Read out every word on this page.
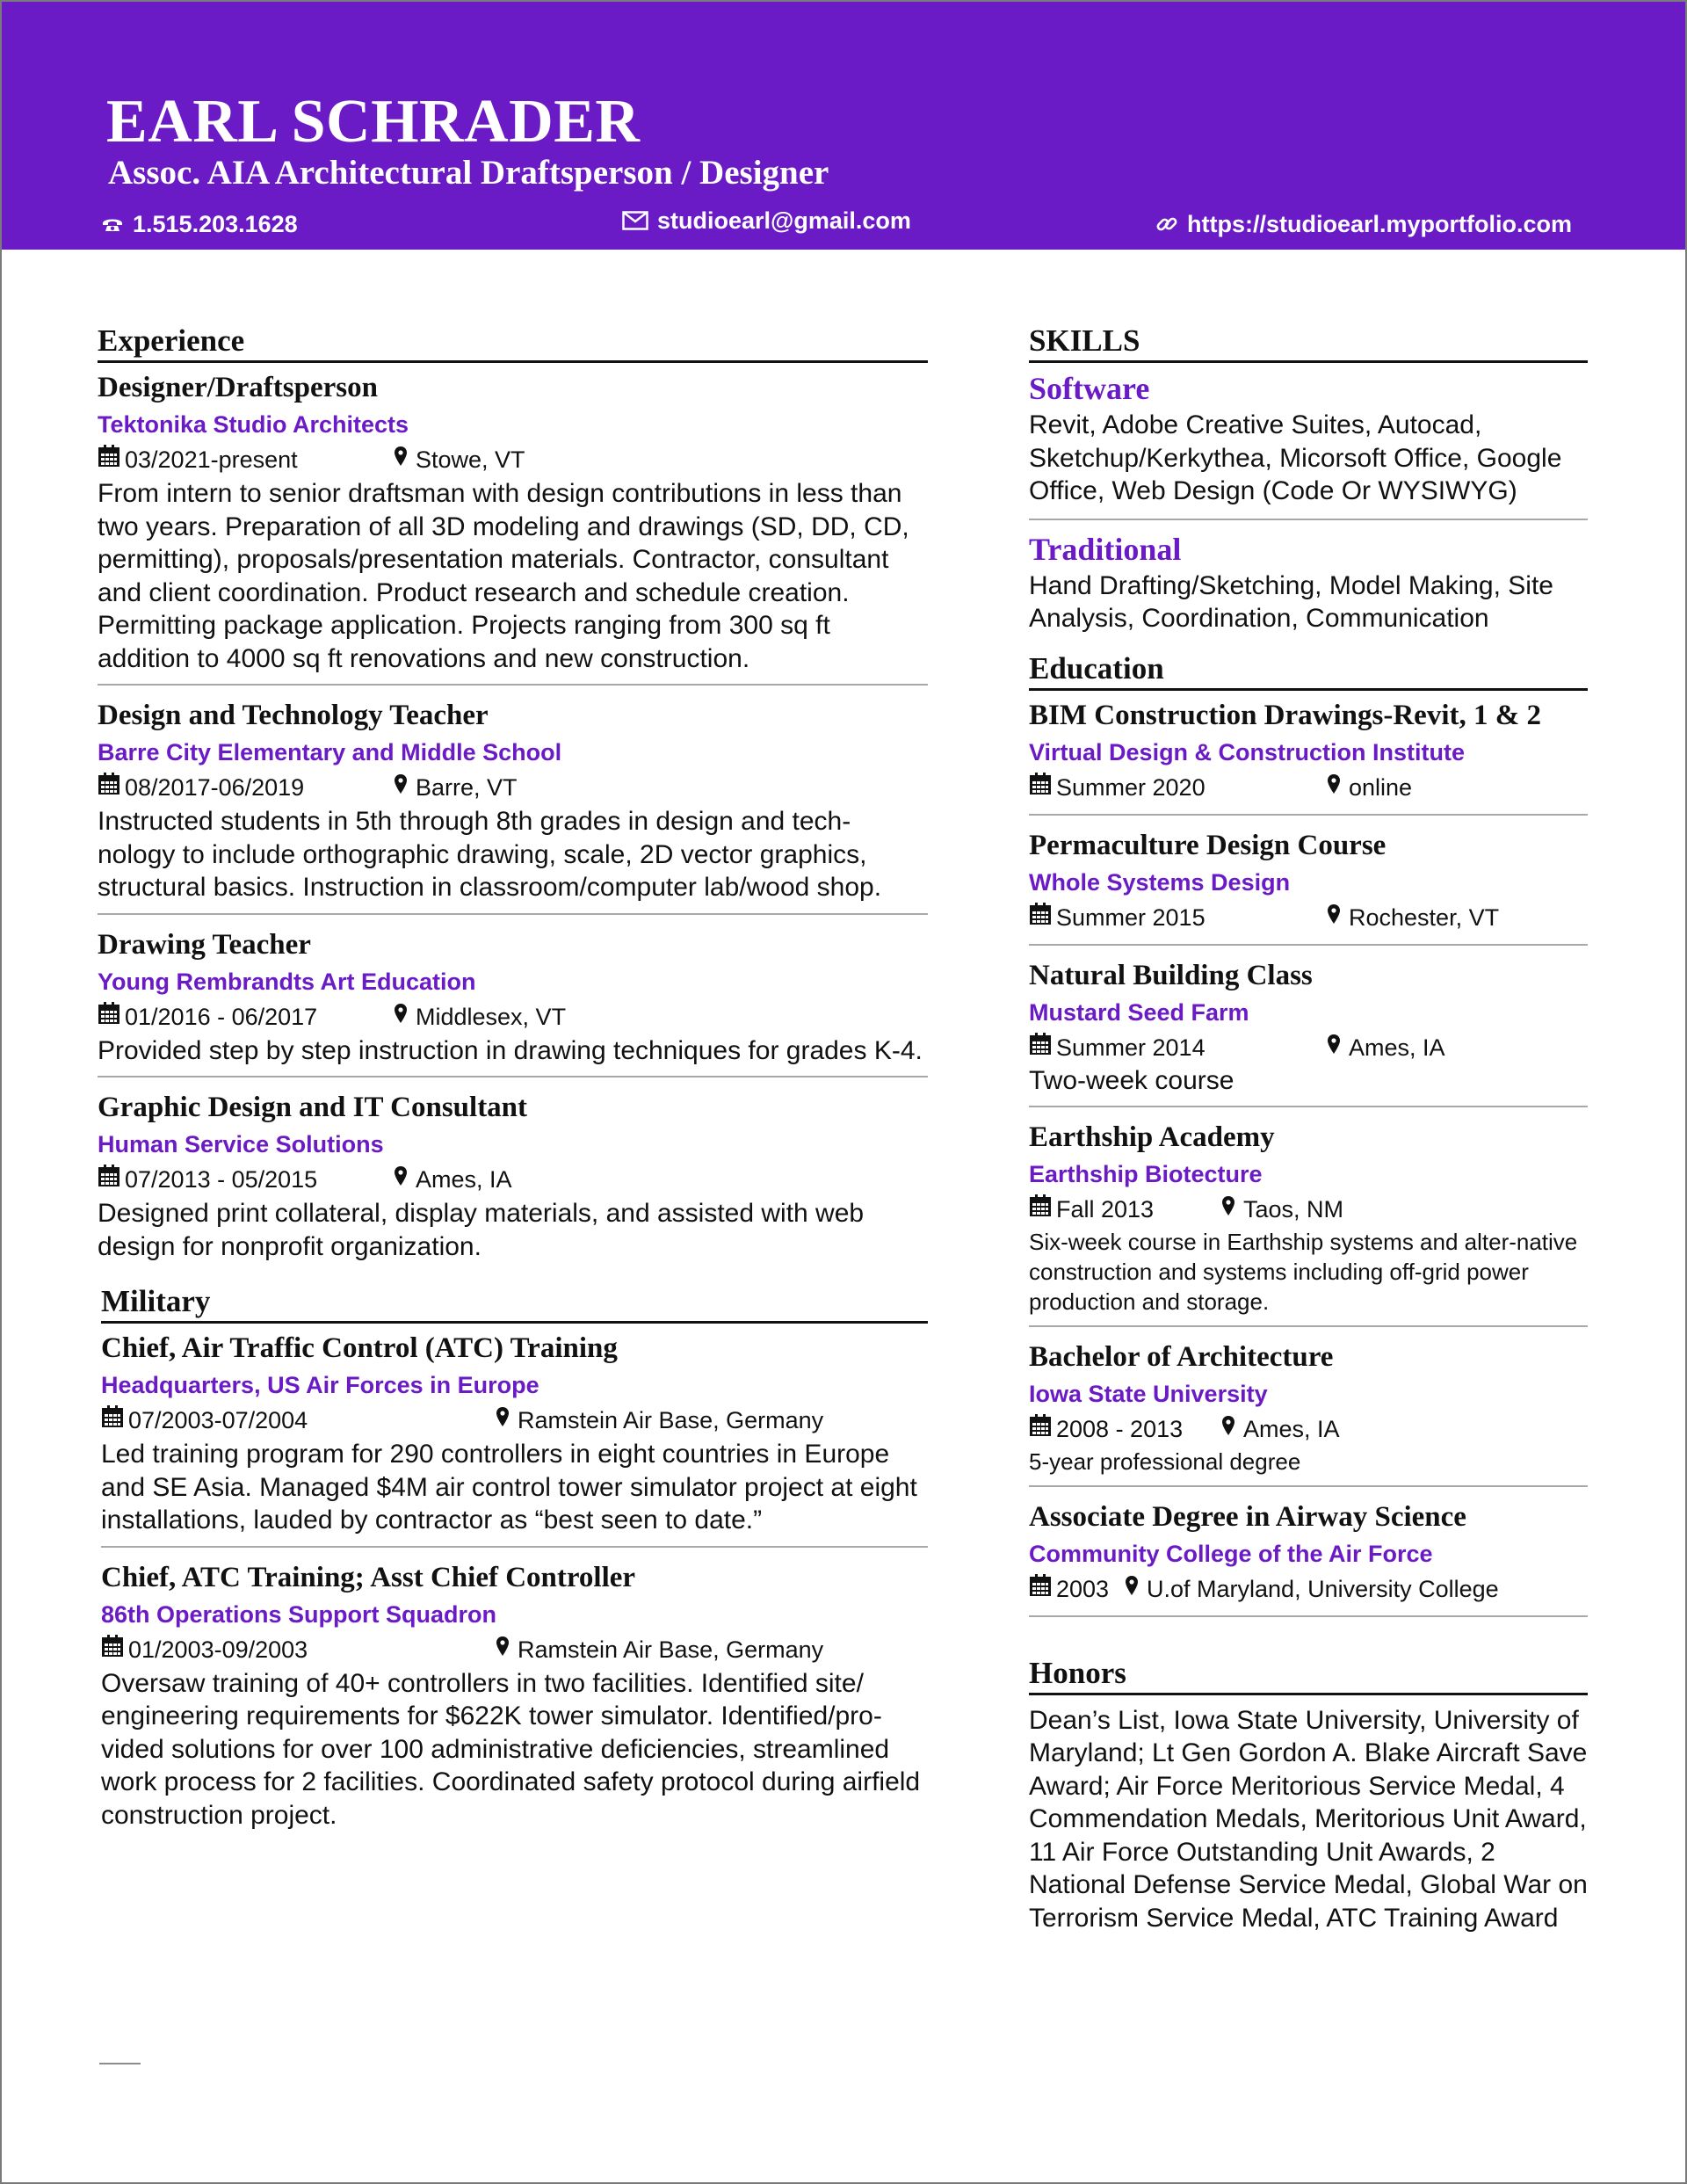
EARL SCHRADER
Assoc. AIA Architectural Draftsperson / Designer
1.515.203.1628	studioearl@gmail.com	https://studioearl.myportfolio.com
Experience
Designer/Draftsperson
Tektonika Studio Architects
03/2021-present	Stowe, VT
From intern to senior draftsman with design contributions in less than two years. Preparation of all 3D modeling and drawings (SD, DD, CD, permitting), proposals/presentation materials. Contractor, consultant and client coordination. Product research and schedule creation. Permitting package application. Projects ranging from 300 sq ft addition to 4000 sq ft renovations and new construction.
Design and Technology Teacher
Barre City Elementary and Middle School
08/2017-06/2019	Barre, VT
Instructed students in 5th through 8th grades in design and tech-nology to include orthographic drawing, scale, 2D vector graphics, structural basics. Instruction in classroom/computer lab/wood shop.
Drawing Teacher
Young Rembrandts Art Education
01/2016 - 06/2017	Middlesex, VT
Provided step by step instruction in drawing techniques for grades K-4.
Graphic Design and IT Consultant
Human Service Solutions
07/2013 - 05/2015	Ames, IA
Designed print collateral, display materials, and assisted with web design for nonprofit organization.
Military
Chief, Air Traffic Control (ATC) Training
Headquarters, US Air Forces in Europe
07/2003-07/2004	Ramstein Air Base, Germany
Led training program for 290 controllers in eight countries in Europe and SE Asia. Managed $4M air control tower simulator project at eight installations, lauded by contractor as “best seen to date.”
Chief, ATC Training; Asst Chief Controller
86th Operations Support Squadron
01/2003-09/2003	Ramstein Air Base, Germany
Oversaw training of 40+ controllers in two facilities. Identified site/ engineering requirements for $622K tower simulator. Identified/pro-vided solutions for over 100 administrative deficiencies, streamlined work process for 2 facilities. Coordinated safety protocol during airfield construction project.
SKILLS
Software
Revit, Adobe Creative Suites, Autocad, Sketchup/Kerkythea, Micorsoft Office, Google Office, Web Design (Code Or WYSIWYG)
Traditional
Hand Drafting/Sketching, Model Making, Site Analysis, Coordination, Communication
Education
BIM Construction Drawings-Revit, 1 & 2
Virtual Design & Construction Institute
Summer 2020	online
Permaculture Design Course
Whole Systems Design
Summer 2015	Rochester, VT
Natural Building Class
Mustard Seed Farm
Summer 2014	Ames, IA
Two-week course
Earthship Academy
Earthship Biotecture
Fall 2013	Taos, NM
Six-week course in Earthship systems and alter-native construction and systems including off-grid power production and storage.
Bachelor of Architecture
Iowa State University
2008 - 2013	Ames, IA
5-year professional degree
Associate Degree in Airway Science
Community College of the Air Force
2003 U.of Maryland, University College
Honors
Dean’s List, Iowa State University, University of Maryland; Lt Gen Gordon A. Blake Aircraft Save Award; Air Force Meritorious Service Medal, 4 Commendation Medals, Meritorious Unit Award, 11 Air Force Outstanding Unit Awards, 2 National Defense Service Medal, Global War on Terrorism Service Medal, ATC Training Award
